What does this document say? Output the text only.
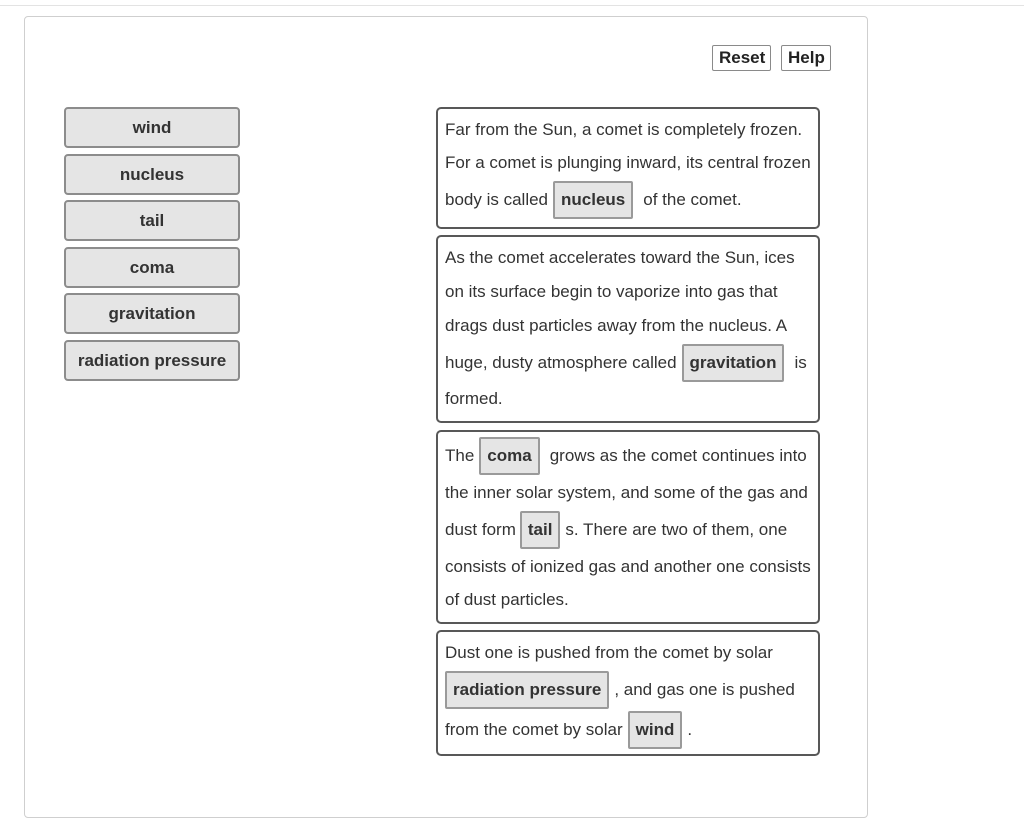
Reset	Help
wind
nucleus
tail
coma
gravitation
radiation pressure
Far from the Sun, a comet is completely frozen.
For a comet is plunging inward, its central frozen
body is called nucleus	of the comet.
As the comet accelerates toward the Sun, ices
on its surface begin to vaporize into gas that
drags dust particles away from the nucleus. A
huge, dusty atmosphere called gravitation	is
formed.
The coma	grows as the comet continues into
the inner solar system, and some of the gas and
dust form tail s. There are two of them, one
consists of ionized gas and another one consists
of dust particles.
Dust one is pushed from the comet by solar
radiation pressure , and gas one is pushed
from the comet by solar wind .
